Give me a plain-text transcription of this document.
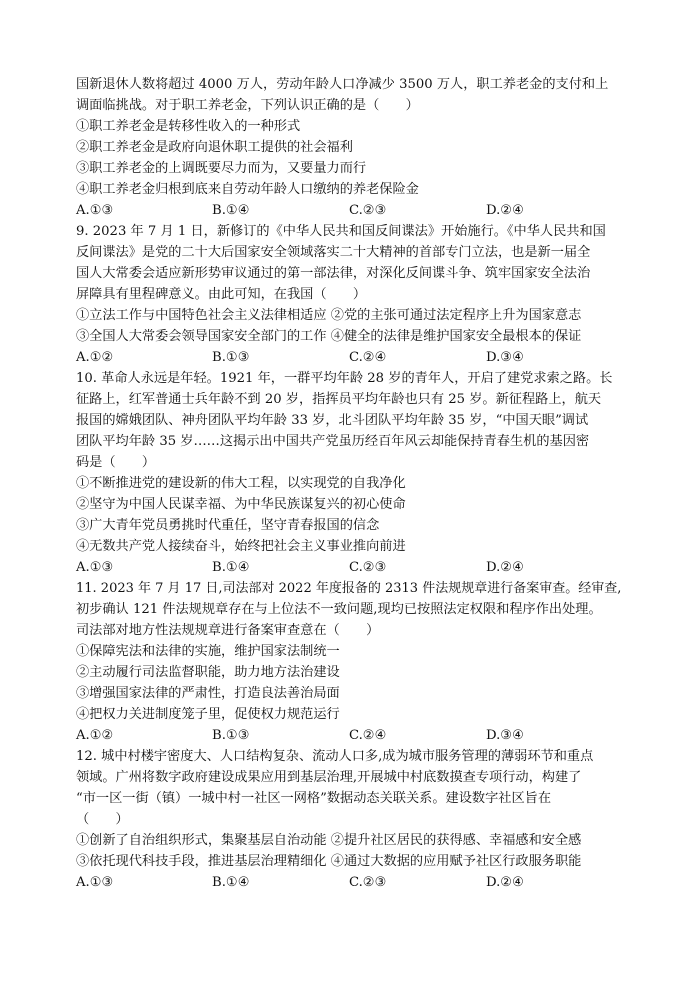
国新退休人数将超过 4000 万人，劳动年龄人口净减少 3500 万人，职工养老金的支付和上
调面临挑战。对于职工养老金，下列认识正确的是（　　）
①职工养老金是转移性收入的一种形式
②职工养老金是政府向退休职工提供的社会福利
③职工养老金的上调既要尽力而为，又要量力而行
④职工养老金归根到底来自劳动年龄人口缴纳的养老保险金
A.①③	B.①④	C.②③	D.②④
9. 2023 年 7 月 1 日，新修订的《中华人民共和国反间谍法》开始施行。《中华人民共和国
反间谍法》是党的二十大后国家安全领域落实二十大精神的首部专门立法，也是新一届全
国人大常委会适应新形势审议通过的第一部法律，对深化反间谍斗争、筑牢国家安全法治
屏障具有里程碑意义。由此可知，在我国（　　）
①立法工作与中国特色社会主义法律相适应 ②党的主张可通过法定程序上升为国家意志
③全国人大常委会领导国家安全部门的工作 ④健全的法律是维护国家安全最根本的保证
A.①②	B.①③	C.②④	D.③④
10. 革命人永远是年轻。1921 年，一群平均年龄 28 岁的青年人，开启了建党求索之路。长
征路上，红军普通士兵年龄不到 20 岁，指挥员平均年龄也只有 25 岁。新征程路上，航天
报国的嫦娥团队、神舟团队平均年龄 33 岁，北斗团队平均年龄 35 岁，“中国天眼”调试
团队平均年龄 35 岁……这揭示出中国共产党虽历经百年风云却能保持青春生机的基因密
码是（　　）
①不断推进党的建设新的伟大工程，以实现党的自我净化
②坚守为中国人民谋幸福、为中华民族谋复兴的初心使命
③广大青年党员勇挑时代重任，坚守青春报国的信念
④无数共产党人接续奋斗，始终把社会主义事业推向前进
A.①③	B.①④	C.②③	D.②④
11. 2023 年 7 月 17 日,司法部对 2022 年度报备的 2313 件法规规章进行备案审查。经审查,
初步确认 121 件法规规章存在与上位法不一致问题,现均已按照法定权限和程序作出处理。
司法部对地方性法规规章进行备案审查意在（　　）
①保障宪法和法律的实施，维护国家法制统一
②主动履行司法监督职能，助力地方法治建设
③增强国家法律的严肃性，打造良法善治局面
④把权力关进制度笼子里，促使权力规范运行
A.①②	B.①③	C.②④	D.③④
12. 城中村楼宇密度大、人口结构复杂、流动人口多,成为城市服务管理的薄弱环节和重点
领域。广州将数字政府建设成果应用到基层治理,开展城中村底数摸查专项行动，构建了
“市一区一街（镇）一城中村一社区一网格”数据动态关联关系。建设数字社区旨在
（　　）
①创新了自治组织形式，集聚基层自治动能 ②提升社区居民的获得感、幸福感和安全感
③依托现代科技手段，推进基层治理精细化 ④通过大数据的应用赋予社区行政服务职能
A.①③	B.①④	C.②③	D.②④
